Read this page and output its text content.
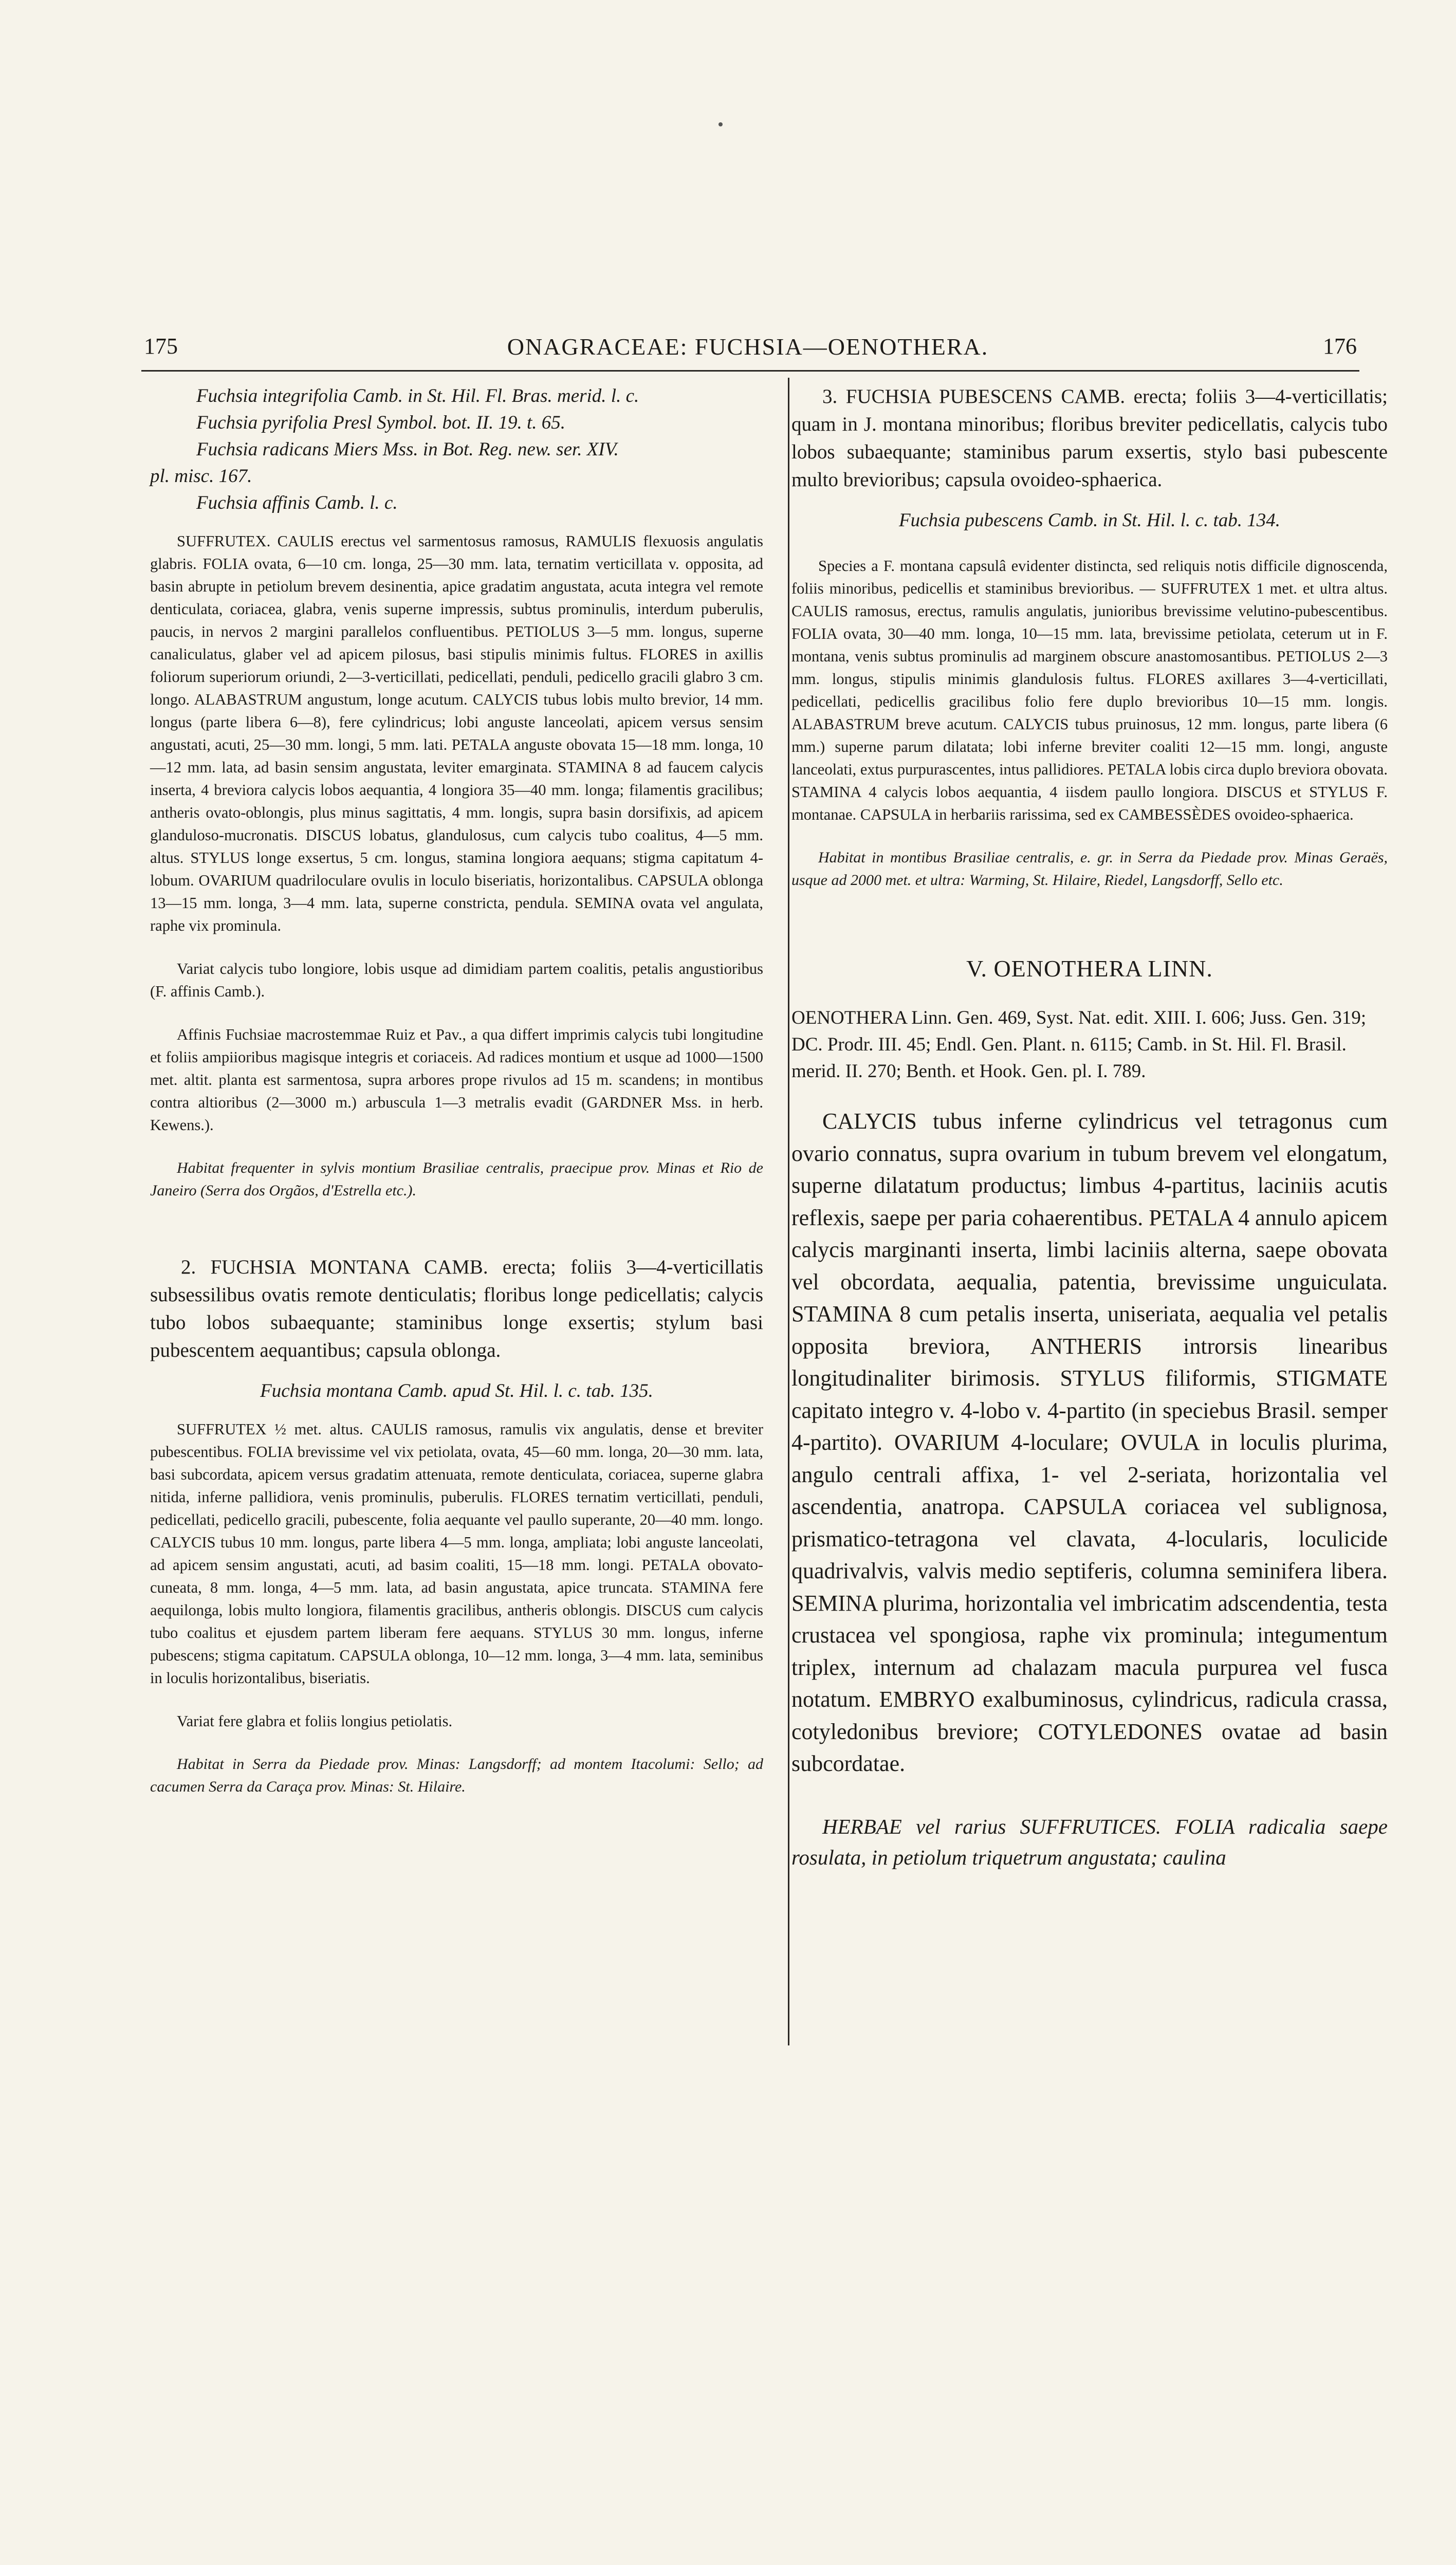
175	ONAGRACEAE: FUCHSIA—OENOTHERA.	176

Fuchsia integrifolia Camb. in St. Hil. Fl. Bras. merid. l. c.

Fuchsia pyrifolia Presl Symbol. bot. II. 19. t. 65.

Fuchsia radicans Miers Mss. in Bot. Reg. new. ser. XIV.

pl. misc. 167.

Fuchsia affinis Camb. l. c.

SUFFRUTEX. CAULIS erectus vel sarmentosus ramosus, RAMULIS flexuosis angulatis glabris. FOLIA ovata, 6—10 cm. longa, 25—30 mm. lata, ternatim verticillata v. opposita, ad basin abrupte in petiolum brevem desinentia, apice gradatim angustata, acuta integra vel remote denticulata, coriacea, glabra, venis superne impressis, subtus prominulis, interdum puberulis, paucis, in nervos 2 margini parallelos confluentibus. PETIOLUS 3—5 mm. longus, superne canaliculatus, glaber vel ad apicem pilosus, basi stipulis minimis fultus. FLORES in axillis foliorum superiorum oriundi, 2—3-verticillati, pedicellati, penduli, pedicello gracili glabro 3 cm. longo. ALABASTRUM angustum, longe acutum. CALYCIS tubus lobis multo brevior, 14 mm. longus (parte libera 6—8), fere cylindricus; lobi anguste lanceolati, apicem versus sensim angustati, acuti, 25—30 mm. longi, 5 mm. lati. PETALA anguste obovata 15—18 mm. longa, 10—12 mm. lata, ad basin sensim angustata, leviter emarginata. STAMINA 8 ad faucem calycis inserta, 4 breviora calycis lobos aequantia, 4 longiora 35—40 mm. longa; filamentis gracilibus; antheris ovato-oblongis, plus minus sagittatis, 4 mm. longis, supra basin dorsifixis, ad apicem glanduloso-mucronatis. DISCUS lobatus, glandulosus, cum calycis tubo coalitus, 4—5 mm. altus. STYLUS longe exsertus, 5 cm. longus, stamina longiora aequans; stigma capitatum 4-lobum. OVARIUM quadriloculare ovulis in loculo biseriatis, horizontalibus. CAPSULA oblonga 13—15 mm. longa, 3—4 mm. lata, superne constricta, pendula. SEMINA ovata vel angulata, raphe vix prominula.

Variat calycis tubo longiore, lobis usque ad dimidiam partem coalitis, petalis angustioribus (F. affinis Camb.).

Affinis Fuchsiae macrostemmae Ruiz et Pav., a qua differt imprimis calycis tubi longitudine et foliis ampiioribus magisque integris et coriaceis. Ad radices montium et usque ad 1000—1500 met. altit. planta est sarmentosa, supra arbores prope rivulos ad 15 m. scandens; in montibus contra altioribus (2—3000 m.) arbuscula 1—3 metralis evadit (GARDNER Mss. in herb. Kewens.).

Habitat frequenter in sylvis montium Brasiliae centralis, praecipue prov. Minas et Rio de Janeiro (Serra dos Orgãos, d'Estrella etc.).

2. FUCHSIA MONTANA CAMB. erecta; foliis 3—4-verticillatis subsessilibus ovatis remote denticulatis; floribus longe pedicellatis; calycis tubo lobos subaequante; staminibus longe exsertis; stylum basi pubescentem aequantibus; capsula oblonga.

Fuchsia montana Camb. apud St. Hil. l. c. tab. 135.

SUFFRUTEX ½ met. altus. CAULIS ramosus, ramulis vix angulatis, dense et breviter pubescentibus. FOLIA brevissime vel vix petiolata, ovata, 45—60 mm. longa, 20—30 mm. lata, basi subcordata, apicem versus gradatim attenuata, remote denticulata, coriacea, superne glabra nitida, inferne pallidiora, venis prominulis, puberulis. FLORES ternatim verticillati, penduli, pedicellati, pedicello gracili, pubescente, folia aequante vel paullo superante, 20—40 mm. longo. CALYCIS tubus 10 mm. longus, parte libera 4—5 mm. longa, ampliata; lobi anguste lanceolati, ad apicem sensim angustati, acuti, ad basim coaliti, 15—18 mm. longi. PETALA obovato-cuneata, 8 mm. longa, 4—5 mm. lata, ad basin angustata, apice truncata. STAMINA fere aequilonga, lobis multo longiora, filamentis gracilibus, antheris oblongis. DISCUS cum calycis tubo coalitus et ejusdem partem liberam fere aequans. STYLUS 30 mm. longus, inferne pubescens; stigma capitatum. CAPSULA oblonga, 10—12 mm. longa, 3—4 mm. lata, seminibus in loculis horizontalibus, biseriatis.

Variat fere glabra et foliis longius petiolatis.

Habitat in Serra da Piedade prov. Minas: Langsdorff; ad montem Itacolumi: Sello; ad cacumen Serra da Caraça prov. Minas: St. Hilaire.

3. FUCHSIA PUBESCENS CAMB. erecta; foliis 3—4-verticillatis; quam in J. montana minoribus; floribus breviter pedicellatis, calycis tubo lobos subaequante; staminibus parum exsertis, stylo basi pubescente multo brevioribus; capsula ovoideo-sphaerica.

Fuchsia pubescens Camb. in St. Hil. l. c. tab. 134.

Species a F. montana capsulâ evidenter distincta, sed reliquis notis difficile dignoscenda, foliis minoribus, pedicellis et staminibus brevioribus. — SUFFRUTEX 1 met. et ultra altus. CAULIS ramosus, erectus, ramulis angulatis, junioribus brevissime velutino-pubescentibus. FOLIA ovata, 30—40 mm. longa, 10—15 mm. lata, brevissime petiolata, ceterum ut in F. montana, venis subtus prominulis ad marginem obscure anastomosantibus. PETIOLUS 2—3 mm. longus, stipulis minimis glandulosis fultus. FLORES axillares 3—4-verticillati, pedicellati, pedicellis gracilibus folio fere duplo brevioribus 10—15 mm. longis. ALABASTRUM breve acutum. CALYCIS tubus pruinosus, 12 mm. longus, parte libera (6 mm.) superne parum dilatata; lobi inferne breviter coaliti 12—15 mm. longi, anguste lanceolati, extus purpurascentes, intus pallidiores. PETALA lobis circa duplo breviora obovata. STAMINA 4 calycis lobos aequantia, 4 iisdem paullo longiora. DISCUS et STYLUS F. montanae. CAPSULA in herbariis rarissima, sed ex CAMBESSÈDES ovoideo-sphaerica.

Habitat in montibus Brasiliae centralis, e. gr. in Serra da Piedade prov. Minas Geraës, usque ad 2000 met. et ultra: Warming, St. Hilaire, Riedel, Langsdorff, Sello etc.

V. OENOTHERA LINN.

OENOTHERA Linn. Gen. 469, Syst. Nat. edit. XIII. I. 606; Juss. Gen. 319; DC. Prodr. III. 45; Endl. Gen. Plant. n. 6115; Camb. in St. Hil. Fl. Brasil. merid. II. 270; Benth. et Hook. Gen. pl. I. 789.

CALYCIS tubus inferne cylindricus vel tetragonus cum ovario connatus, supra ovarium in tubum brevem vel elongatum, superne dilatatum productus; limbus 4-partitus, laciniis acutis reflexis, saepe per paria cohaerentibus. PETALA 4 annulo apicem calycis marginanti inserta, limbi laciniis alterna, saepe obovata vel obcordata, aequalia, patentia, brevissime unguiculata. STAMINA 8 cum petalis inserta, uniseriata, aequalia vel petalis opposita breviora, ANTHERIS introrsis linearibus longitudinaliter birimosis. STYLUS filiformis, STIGMATE capitato integro v. 4-lobo v. 4-partito (in speciebus Brasil. semper 4-partito). OVARIUM 4-loculare; OVULA in loculis plurima, angulo centrali affixa, 1- vel 2-seriata, horizontalia vel ascendentia, anatropa. CAPSULA coriacea vel sublignosa, prismatico-tetragona vel clavata, 4-locularis, loculicide quadrivalvis, valvis medio septiferis, columna seminifera libera. SEMINA plurima, horizontalia vel imbricatim adscendentia, testa crustacea vel spongiosa, raphe vix prominula; integumentum triplex, internum ad chalazam macula purpurea vel fusca notatum. EMBRYO exalbuminosus, cylindricus, radicula crassa, cotyledonibus breviore; COTYLEDONES ovatae ad basin subcordatae.

HERBAE vel rarius SUFFRUTICES. FOLIA radicalia saepe rosulata, in petiolum triquetrum angustata; caulina
